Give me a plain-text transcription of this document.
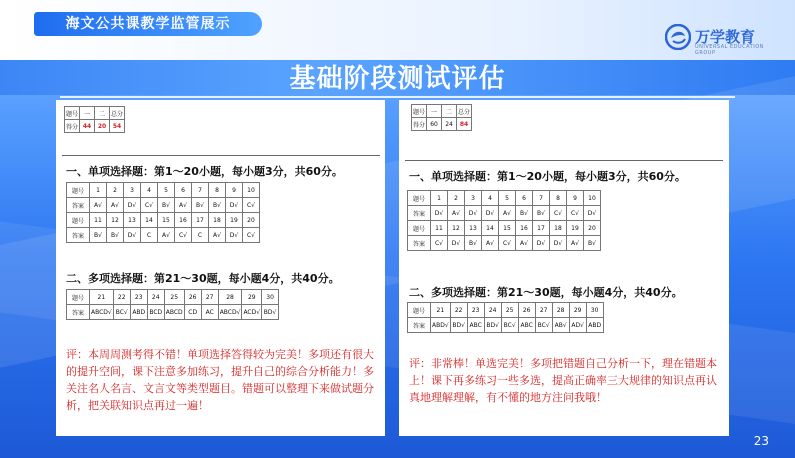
海文公共课教学监管展示
万学教育
UNIVERSAL EDUCATION GROUP
基础阶段测试评估
题号	一	二	总分
得分	44	20	54
一、单项选择题：第1～20小题，每小题3分，共60分。
题号	1	2	3	4	5	6	7	8	9	10
答案	A√	A√	D√	C√	B√	A√	B√	B√	D√	C√
题号	11	12	13	14	15	16	17	18	19	20
答案	B√	B√	D√	C	A√	C√	C	A√	D√	C√
二、多项选择题：第21～30题，每小题4分，共40分。
题号	21	22	23	24	25	26	27	28	29	30
答案	ABCD√	BC√	ABD	BCD	ABCD	CD	AC	ABCD√	ACD√	BD√
评：本周周测考得不错！单项选择答得较为完美！多项还有很大的提升空间，课下注意多加练习，提升自己的综合分析能力！多关注名人名言、文言文等类型题目。错题可以整理下来做试题分析，把关联知识点再过一遍！
题号	一	二	总分
得分	60	24	84
一、单项选择题：第1～20小题，每小题3分，共60分。
题号	1	2	3	4	5	6	7	8	9	10
答案	D√	A√	D√	D√	A√	B√	B√	C√	C√	D√
题号	11	12	13	14	15	16	17	18	19	20
答案	C√	D√	B√	A√	C√	A√	D√	D√	A√	B√
二、多项选择题：第21～30题，每小题4分，共40分。
题号	21	22	23	24	25	26	27	28	29	30
答案	ABD√	BD√	ABC	BD√	BC√	ABC	BC√	AB√	AD√	ABD
评：非常棒！单选完美！多项把错题自己分析一下，理在错题本上！课下再多练习一些多选，提高正确率三大规律的知识点再认真地理解理解，有不懂的地方注问我哦！
23
